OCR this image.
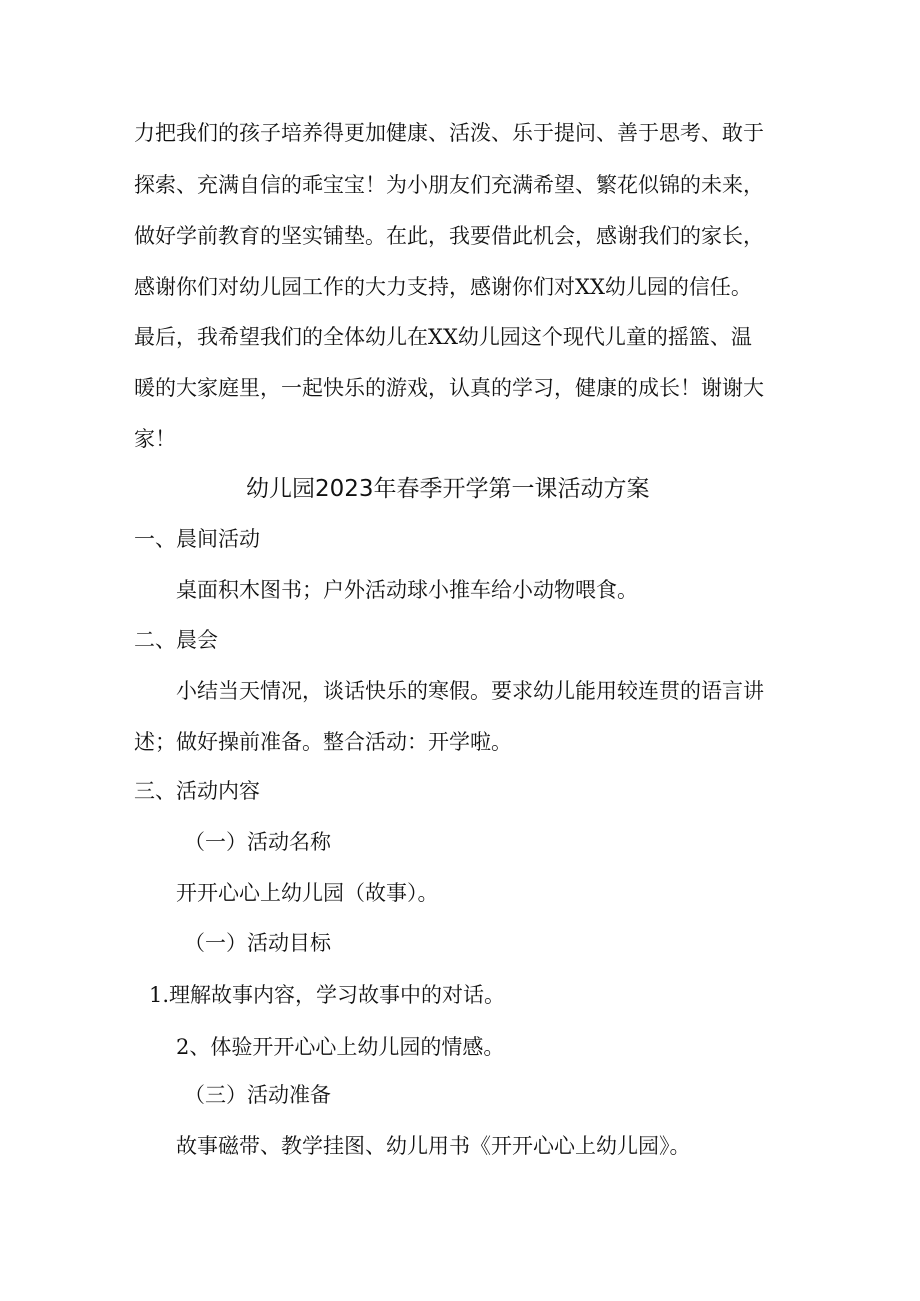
力把我们的孩子培养得更加健康、活泼、乐于提问、善于思考、敢于
探索、充满自信的乖宝宝！为小朋友们充满希望、繁花似锦的未来，
做好学前教育的坚实铺垫。在此，我要借此机会，感谢我们的家长，
感谢你们对幼儿园工作的大力支持，感谢你们对XX幼儿园的信任。
最后，我希望我们的全体幼儿在XX幼儿园这个现代儿童的摇篮、温
暖的大家庭里，一起快乐的游戏，认真的学习，健康的成长！谢谢大
家！
幼儿园2023年春季开学第一课活动方案
一、晨间活动
桌面积木图书；户外活动球小推车给小动物喂食。
二、晨会
小结当天情况，谈话快乐的寒假。要求幼儿能用较连贯的语言讲
述；做好操前准备。整合活动：开学啦。
三、活动内容
（一）活动名称
开开心心上幼儿园（故事）。
（一）活动目标
1.理解故事内容，学习故事中的对话。
2、体验开开心心上幼儿园的情感。
（三）活动准备
故事磁带、教学挂图、幼儿用书《开开心心上幼儿园》。
